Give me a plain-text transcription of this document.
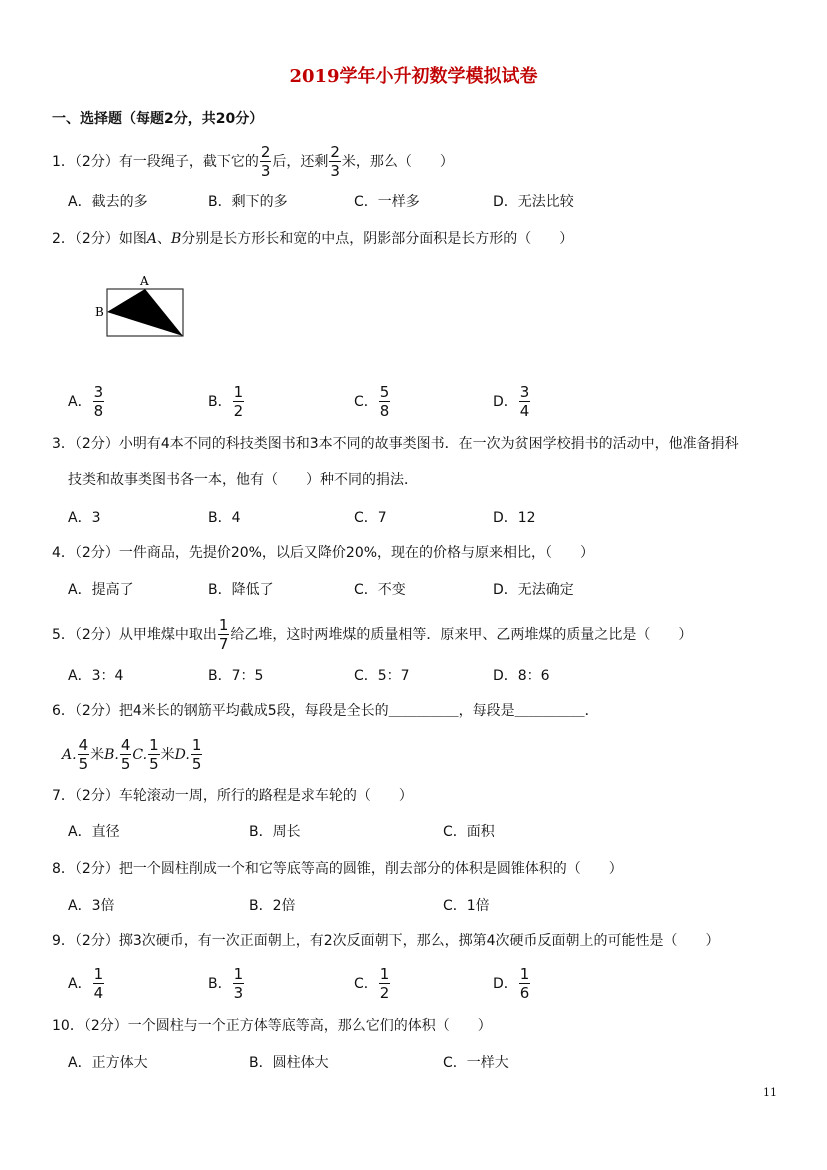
2019学年小升初数学模拟试卷
一、选择题（每题2分，共20分）
1．（2分）有一段绳子，截下它的 $\frac{2}{3}$ 后，还剩 $\frac{2}{3}$ 米，那么（　　）
A．截去的多	B．剩下的多	C．一样多	D．无法比较
2．（2分）如图A、B分别是长方形长和宽的中点，阴影部分面积是长方形的（　　）
A
B
A． $\frac{3}{8}$	B． $\frac{1}{2}$	C． $\frac{5}{8}$	D． $\frac{3}{4}$
3．（2分）小明有4本不同的科技类图书和3本不同的故事类图书．在一次为贫困学校捐书的活动中，他准备捐科
技类和故事类图书各一本，他有（　　）种不同的捐法．
A．3	B．4	C．7	D．12
4．（2分）一件商品，先提价20%，以后又降价20%，现在的价格与原来相比，（　　）
A．提高了	B．降低了	C．不变	D．无法确定
5．（2分）从甲堆煤中取出 $\frac{1}{7}$ 给乙堆，这时两堆煤的质量相等．原来甲、乙两堆煤的质量之比是（　　）
A．3：4	B．7：5	C．5：7	D．8：6
6．（2分）把4米长的钢筋平均截成5段，每段是全长的＿＿＿＿＿，每段是＿＿＿＿＿．
A. $\frac{4}{5}$ 米B. $\frac{4}{5} C$. $\frac{1}{5}$ 米D. $\frac{1}{5}$
7．（2分）车轮滚动一周，所行的路程是求车轮的（　　）
A．直径	B．周长	C．面积
8．（2分）把一个圆柱削成一个和它等底等高的圆锥，削去部分的体积是圆锥体积的（　　）
A．3倍	B．2倍	C．1倍
9．（2分）掷3次硬币，有一次正面朝上，有2次反面朝下，那么，掷第4次硬币反面朝上的可能性是（　　）
A． $\frac{1}{4}$	B． $\frac{1}{3}$	C． $\frac{1}{2}$	D． $\frac{1}{6}$
10．（2分）一个圆柱与一个正方体等底等高，那么它们的体积（　　）
A．正方体大	B．圆柱体大	C．一样大
11
